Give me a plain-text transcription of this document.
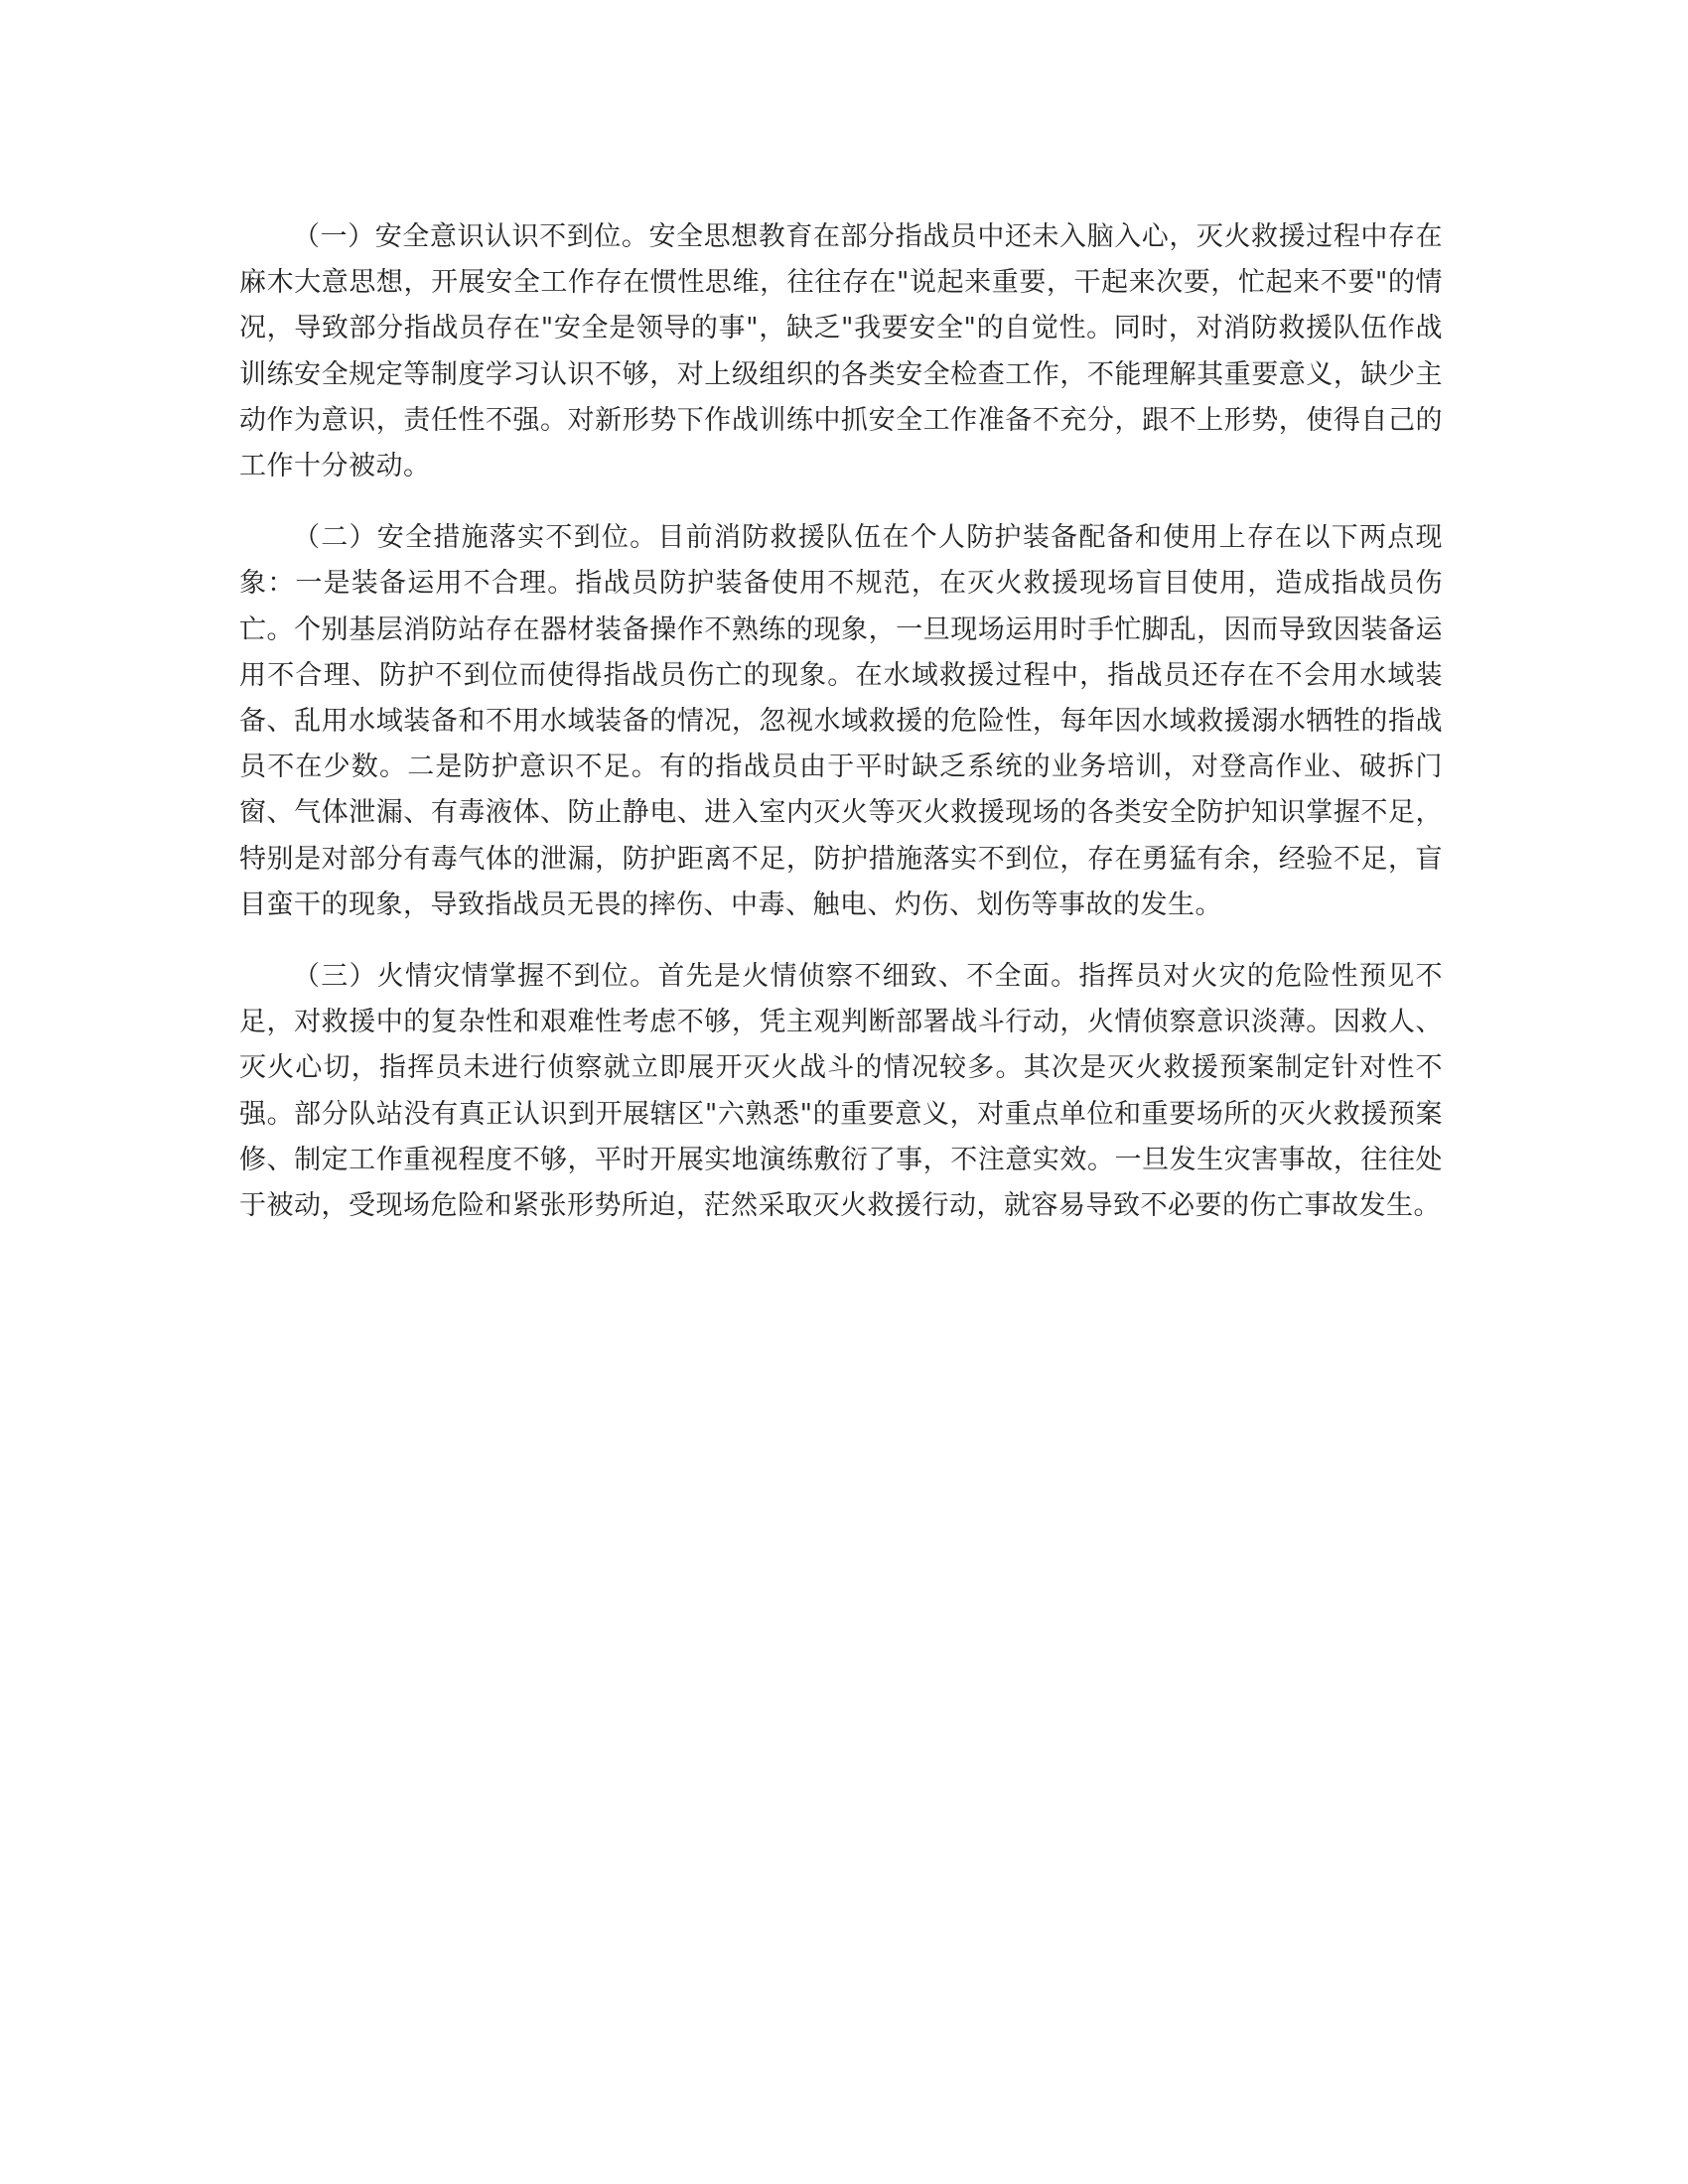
（一）安全意识认识不到位。安全思想教育在部分指战员中还未入脑入心，灭火救援过程中存在麻木大意思想，开展安全工作存在惯性思维，往往存在"说起来重要，干起来次要，忙起来不要"的情况，导致部分指战员存在"安全是领导的事"，缺乏"我要安全"的自觉性。同时，对消防救援队伍作战训练安全规定等制度学习认识不够，对上级组织的各类安全检查工作，不能理解其重要意义，缺少主动作为意识，责任性不强。对新形势下作战训练中抓安全工作准备不充分，跟不上形势，使得自己的工作十分被动。

（二）安全措施落实不到位。目前消防救援队伍在个人防护装备配备和使用上存在以下两点现象：一是装备运用不合理。指战员防护装备使用不规范，在灭火救援现场盲目使用，造成指战员伤亡。个别基层消防站存在器材装备操作不熟练的现象，一旦现场运用时手忙脚乱，因而导致因装备运用不合理、防护不到位而使得指战员伤亡的现象。在水域救援过程中，指战员还存在不会用水域装备、乱用水域装备和不用水域装备的情况，忽视水域救援的危险性，每年因水域救援溺水牺牲的指战员不在少数。二是防护意识不足。有的指战员由于平时缺乏系统的业务培训，对登高作业、破拆门窗、气体泄漏、有毒液体、防止静电、进入室内灭火等灭火救援现场的各类安全防护知识掌握不足，特别是对部分有毒气体的泄漏，防护距离不足，防护措施落实不到位，存在勇猛有余，经验不足，盲目蛮干的现象，导致指战员无畏的摔伤、中毒、触电、灼伤、划伤等事故的发生。

（三）火情灾情掌握不到位。首先是火情侦察不细致、不全面。指挥员对火灾的危险性预见不足，对救援中的复杂性和艰难性考虑不够，凭主观判断部署战斗行动，火情侦察意识淡薄。因救人、灭火心切，指挥员未进行侦察就立即展开灭火战斗的情况较多。其次是灭火救援预案制定针对性不强。部分队站没有真正认识到开展辖区"六熟悉"的重要意义，对重点单位和重要场所的灭火救援预案修、制定工作重视程度不够，平时开展实地演练敷衍了事，不注意实效。一旦发生灾害事故，往往处于被动，受现场危险和紧张形势所迫，茫然采取灭火救援行动，就容易导致不必要的伤亡事故发生。
